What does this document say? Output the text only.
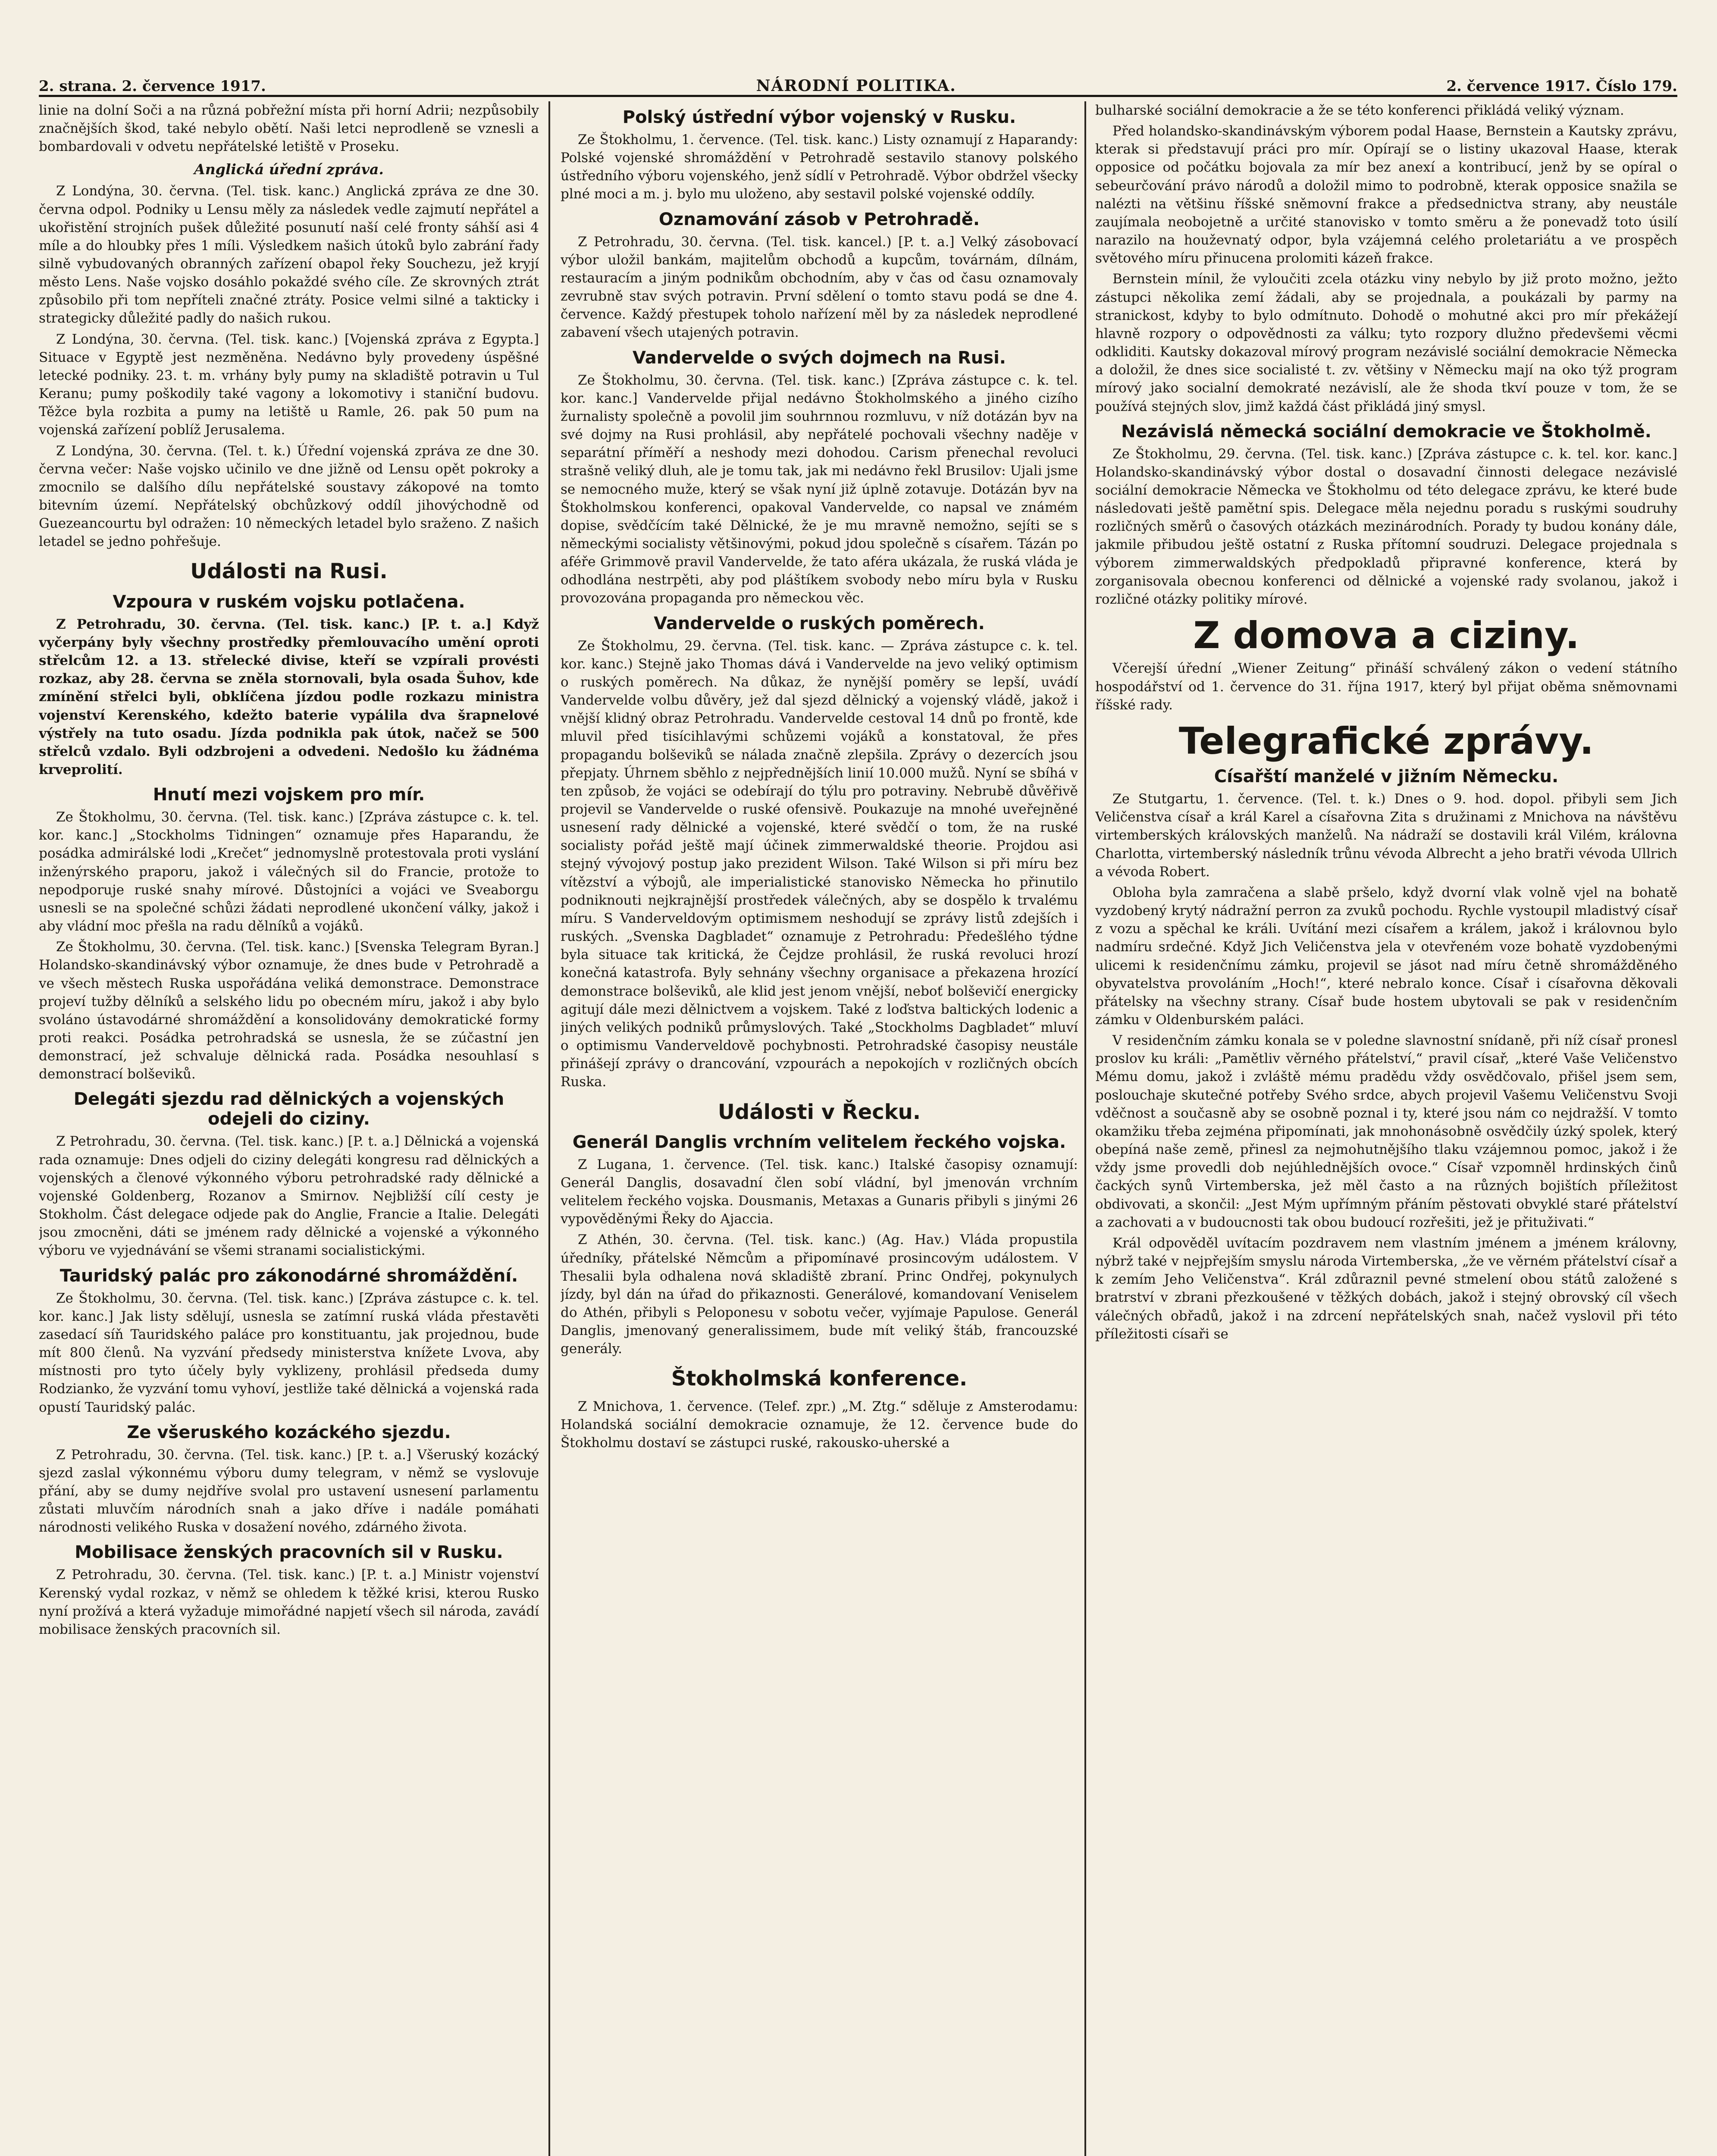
2. strana. 2. července 1917.	NÁRODNÍ POLITIKA.	2. července 1917. Číslo 179.

linie na dolní Soči a na různá pobřežní místa při horní Adrii; nezpůsobily značnějších škod, také nebylo obětí. Naši letci neprodleně se vznesli a bombardovali v odvetu nepřátelské letiště v Proseku.

Anglická úřední zpráva.

Z Londýna, 30. června. (Tel. tisk. kanc.) Anglická zpráva ze dne 30. června odpol. Podniky u Lensu měly za následek vedle zajmutí nepřátel a ukořistění strojních pušek důležité posunutí naší celé fronty sáhší asi 4 míle a do hloubky přes 1 míli. Výsledkem našich útoků bylo zabrání řady silně vybudovaných obranných zařízení obapol řeky Souchezu, jež kryjí město Lens. Naše vojsko dosáhlo pokaždé svého cíle. Ze skrovných ztrát způsobilo při tom nepříteli značné ztráty. Posice velmi silné a takticky i strategicky důležité padly do našich rukou.

Z Londýna, 30. června. (Tel. tisk. kanc.) [Vojenská zpráva z Egypta.] Situace v Egyptě jest nezměněna. Nedávno byly provedeny úspěšné letecké podniky. 23. t. m. vrhány byly pumy na skladiště potravin u Tul Keranu; pumy poškodily také vagony a lokomotivy i staniční budovu. Těžce byla rozbita a pumy na letiště u Ramle, 26. pak 50 pum na vojenská zařízení poblíž Jerusalema.

Z Londýna, 30. června. (Tel. t. k.) Úřední vojenská zpráva ze dne 30. června večer: Naše vojsko učinilo ve dne jižně od Lensu opět pokroky a zmocnilo se dalšího dílu nepřátelské soustavy zákopové na tomto bitevním území. Nepřátelský obchůzkový oddíl jihovýchodně od Guezeancourtu byl odražen: 10 německých letadel bylo sraženo. Z našich letadel se jedno pohřešuje.

Události na Rusi.
Vzpoura v ruském vojsku potlačena.

Z Petrohradu, 30. června. (Tel. tisk. kanc.) [P. t. a.] Když vyčerpány byly všechny prostředky přemlouvacího umění oproti střelcům 12. a 13. střelecké divise, kteří se vzpírali provésti rozkaz, aby 28. června se zněla stornovali, byla osada Šuhov, kde zmínění střelci byli, obklíčena jízdou podle rozkazu ministra vojenství Kerenského, kdežto baterie vypálila dva šrapnelové výstřely na tuto osadu. Jízda podnikla pak útok, načež se 500 střelců vzdalo. Byli odzbrojeni a odvedeni. Nedošlo ku žádnéma krveprolití.

Hnutí mezi vojskem pro mír.

Ze Štokholmu, 30. června. (Tel. tisk. kanc.) [Zpráva zástupce c. k. tel. kor. kanc.] „Stockholms Tidningen“ oznamuje přes Haparandu, že posádka admirálské lodi „Krečet“ jednomyslně protestovala proti vyslání inženýrského praporu, jakož i válečných sil do Francie, protože to nepodporuje ruské snahy mírové. Důstojníci a vojáci ve Sveaborgu usnesli se na společné schůzi žádati neprodlené ukončení války, jakož i aby vládní moc přešla na radu dělníků a vojáků.

Ze Štokholmu, 30. června. (Tel. tisk. kanc.) [Svenska Telegram Byran.] Holandsko-skandinávský výbor oznamuje, že dnes bude v Petrohradě a ve všech městech Ruska uspořádána veliká demonstrace. Demonstrace projeví tužby dělníků a selského lidu po obecném míru, jakož i aby bylo svoláno ústavodárné shromáždění a konsolidovány demokratické formy proti reakci. Posádka petrohradská se usnesla, že se zúčastní jen demonstrací, jež schvaluje dělnická rada. Posádka nesouhlasí s demonstrací bolševiků.

Delegáti sjezdu rad dělnických a vojenských odejeli do ciziny.

Z Petrohradu, 30. června. (Tel. tisk. kanc.) [P. t. a.] Dělnická a vojenská rada oznamuje: Dnes odjeli do ciziny delegáti kongresu rad dělnických a vojenských a členové výkonného výboru petrohradské rady dělnické a vojenské Goldenberg, Rozanov a Smirnov. Nejbližší cílí cesty je Stokholm. Část delegace odjede pak do Anglie, Francie a Italie. Delegáti jsou zmocněni, dáti se jménem rady dělnické a vojenské a výkonného výboru ve vyjednávání se všemi stranami socialistickými.

Tauridský palác pro zákonodárné shromáždění.

Ze Štokholmu, 30. června. (Tel. tisk. kanc.) [Zpráva zástupce c. k. tel. kor. kanc.] Jak listy sdělují, usnesla se zatímní ruská vláda přestavěti zasedací síň Tauridského paláce pro konstituantu, jak projednou, bude mít 800 členů. Na vyzvání předsedy ministerstva knížete Lvova, aby místnosti pro tyto účely byly vyklizeny, prohlásil předseda dumy Rodzianko, že vyzvání tomu vyhoví, jestliže také dělnická a vojenská rada opustí Tauridský palác.

Ze všeruského kozáckého sjezdu.

Z Petrohradu, 30. června. (Tel. tisk. kanc.) [P. t. a.] Všeruský kozácký sjezd zaslal výkonnému výboru dumy telegram, v němž se vyslovuje přání, aby se dumy nejdříve svolal pro ustavení usnesení parlamentu zůstati mluvčím národních snah a jako dříve i nadále pomáhati národnosti velikého Ruska v dosažení nového, zdárného života.

Mobilisace ženských pracovních sil v Rusku.

Z Petrohradu, 30. června. (Tel. tisk. kanc.) [P. t. a.] Ministr vojenství Kerenský vydal rozkaz, v němž se ohledem k těžké krisi, kterou Rusko nyní prožívá a která vyžaduje mimořádné napjetí všech sil národa, zavádí mobilisace ženských pracovních sil.

Polský ústřední výbor vojenský v Rusku.

Ze Štokholmu, 1. července. (Tel. tisk. kanc.) Listy oznamují z Haparandy: Polské vojenské shromáždění v Petrohradě sestavilo stanovy polského ústředního výboru vojenského, jenž sídlí v Petrohradě. Výbor obdržel všecky plné moci a m. j. bylo mu uloženo, aby sestavil polské vojenské oddíly.

Oznamování zásob v Petrohradě.

Z Petrohradu, 30. června. (Tel. tisk. kancel.) [P. t. a.] Velký zásobovací výbor uložil bankám, majitelům obchodů a kupcům, továrnám, dílnám, restauracím a jiným podnikům obchodním, aby v čas od času oznamovaly zevrubně stav svých potravin. První sdělení o tomto stavu podá se dne 4. července. Každý přestupek toholo nařízení měl by za následek neprodlené zabavení všech utajených potravin.

Vandervelde o svých dojmech na Rusi.

Ze Štokholmu, 30. června. (Tel. tisk. kanc.) [Zpráva zástupce c. k. tel. kor. kanc.] Vandervelde přijal nedávno Štokholmského a jiného cizího žurnalisty společně a povolil jim souhrnnou rozmluvu, v níž dotázán byv na své dojmy na Rusi prohlásil, aby nepřátelé pochovali všechny naděje v separátní příměří a neshody mezi dohodou. Carism přenechal revoluci strašně veliký dluh, ale je tomu tak, jak mi nedávno řekl Brusilov: Ujali jsme se nemocného muže, který se však nyní již úplně zotavuje. Dotázán byv na Štokholmskou konferenci, opakoval Vandervelde, co napsal ve známém dopise, svědčícím také Dělnické, že je mu mravně nemožno, sejíti se s německými socialisty většinovými, pokud jdou společně s císařem. Tázán po aféře Grimmově pravil Vandervelde, že tato aféra ukázala, že ruská vláda je odhodlána nestrpěti, aby pod pláštíkem svobody nebo míru byla v Rusku provozována propaganda pro německou věc.

Vandervelde o ruských poměrech.

Ze Štokholmu, 29. června. (Tel. tisk. kanc. — Zpráva zástupce c. k. tel. kor. kanc.) Stejně jako Thomas dává i Vandervelde na jevo veliký optimism o ruských poměrech. Na důkaz, že nynější poměry se lepší, uvádí Vandervelde volbu důvěry, jež dal sjezd dělnický a vojenský vládě, jakož i vnější klidný obraz Petrohradu. Vandervelde cestoval 14 dnů po frontě, kde mluvil před tisícihlavými schůzemi vojáků a konstatoval, že přes propagandu bolševiků se nálada značně zlepšila. Zprávy o dezercích jsou přepjaty. Úhrnem sběhlo z nejpřednějších linií 10.000 mužů. Nyní se sbíhá v ten způsob, že vojáci se odebírají do týlu pro potraviny. Nebrubě důvěřivě projevil se Vandervelde o ruské ofensivě. Poukazuje na mnohé uveřejněné usnesení rady dělnické a vojenské, které svědčí o tom, že na ruské socialisty pořád ještě mají účinek zimmerwaldské theorie. Projdou asi stejný vývojový postup jako prezident Wilson. Také Wilson si při míru bez vítězství a výbojů, ale imperialistické stanovisko Německa ho přinutilo podniknouti nejkrajnější prostředek válečných, aby se dospělo k trvalému míru. S Vanderveldovým optimismem neshodují se zprávy listů zdejších i ruských. „Svenska Dagbladet“ oznamuje z Petrohradu: Předešlého týdne byla situace tak kritická, že Čejdze prohlásil, že ruská revoluci hrozí konečná katastrofa. Byly sehnány všechny organisace a překazena hrozící demonstrace bolševiků, ale klid jest jenom vnější, neboť bolševičí energicky agitují dále mezi dělnictvem a vojskem. Také z loďstva baltických lodenic a jiných velikých podniků průmyslových. Také „Stockholms Dagbladet“ mluví o optimismu Vanderveldově pochybnosti. Petrohradské časopisy neustále přinášejí zprávy o drancování, vzpourách a nepokojích v rozličných obcích Ruska.

Události v Řecku.
Generál Danglis vrchním velitelem řeckého vojska.

Z Lugana, 1. července. (Tel. tisk. kanc.) Italské časopisy oznamují: Generál Danglis, dosavadní člen sobí vládní, byl jmenován vrchním velitelem řeckého vojska. Dousmanis, Metaxas a Gunaris přibyli s jinými 26 vypověděnými Řeky do Ajaccia.

Z Athén, 30. června. (Tel. tisk. kanc.) (Ag. Hav.) Vláda propustila úředníky, přátelské Němcům a připomínavé prosincovým událostem. V Thesalii byla odhalena nová skladiště zbraní. Princ Ondřej, pokynulych jízdy, byl dán na úřad do přikaznosti. Generálové, komandovaní Veniselem do Athén, přibyli s Peloponesu v sobotu večer, vyjímaje Papulose. Generál Danglis, jmenovaný generalissimem, bude mít veliký štáb, francouzské generály.

Štokholmská konference.

Z Mnichova, 1. července. (Telef. zpr.) „M. Ztg.“ sděluje z Amsterodamu: Holandská sociální demokracie oznamuje, že 12. července bude do Štokholmu dostaví se zástupci ruské, rakousko-uherské a

bulharské sociální demokracie a že se této konferenci přikládá veliký význam.

Před holandsko-skandinávským výborem podal Haase, Bernstein a Kautsky zprávu, kterak si představují práci pro mír. Opírají se o listiny ukazoval Haase, kterak opposice od počátku bojovala za mír bez anexí a kontribucí, jenž by se opíral o sebeurčování právo národů a doložil mimo to podrobně, kterak opposice snažila se nalézti na většinu říšské sněmovní frakce a předsednictva strany, aby neustále zaujímala neobojetně a určité stanovisko v tomto směru a že ponevadž toto úsilí narazilo na houževnatý odpor, byla vzájemná celého proletariátu a ve prospěch světového míru přinucena prolomiti kázeň frakce.

Bernstein mínil, že vyloučiti zcela otázku viny nebylo by již proto možno, ježto zástupci několika zemí žádali, aby se projednala, a poukázali by parmy na stranickost, kdyby to bylo odmítnuto. Dohodě o mohutné akci pro mír překážejí hlavně rozpory o odpovědnosti za válku; tyto rozpory dlužno předevšemi věcmi odkliditi. Kautsky dokazoval mírový program nezávislé sociální demokracie Německa a doložil, že dnes sice socialisté t. zv. většiny v Německu mají na oko týž program mírový jako socialní demokraté nezávislí, ale že shoda tkví pouze v tom, že se používá stejných slov, jimž každá část přikládá jiný smysl.

Nezávislá německá sociální demokracie ve Štokholmě.

Ze Štokholmu, 29. června. (Tel. tisk. kanc.) [Zpráva zástupce c. k. tel. kor. kanc.] Holandsko-skandinávský výbor dostal o dosavadní činnosti delegace nezávislé sociální demokracie Německa ve Štokholmu od této delegace zprávu, ke které bude následovati ještě pamětní spis. Delegace měla nejednu poradu s ruskými soudruhy rozličných směrů o časových otázkách mezinárodních. Porady ty budou konány dále, jakmile přibudou ještě ostatní z Ruska přítomní soudruzi. Delegace projednala s výborem zimmerwaldských předpokladů připravné konference, která by zorganisovala obecnou konferenci od dělnické a vojenské rady svolanou, jakož i rozličné otázky politiky mírové.

Z domova a ciziny.

Včerejší úřední „Wiener Zeitung“ přináší schválený zákon o vedení státního hospodářství od 1. července do 31. října 1917, který byl přijat oběma sněmovnami říšské rady.

Telegrafické zprávy.
Císařští manželé v jižním Německu.

Ze Stutgartu, 1. července. (Tel. t. k.) Dnes o 9. hod. dopol. přibyli sem Jich Veličenstva císař a král Karel a císařovna Zita s družinami z Mnichova na návštěvu virtemberských královských manželů. Na nádraží se dostavili král Vilém, královna Charlotta, virtemberský následník trůnu vévoda Albrecht a jeho bratři vévoda Ullrich a vévoda Robert.

Obloha byla zamračena a slabě pršelo, když dvorní vlak volně vjel na bohatě vyzdobený krytý nádražní perron za zvuků pochodu. Rychle vystoupil mladistvý císař z vozu a spěchal ke králi. Uvítání mezi císařem a králem, jakož i královnou bylo nadmíru srdečné. Když Jich Veličenstva jela v otevřeném voze bohatě vyzdobenými ulicemi k residenčnímu zámku, projevil se jásot nad míru četně shromážděného obyvatelstva provoláním „Hoch!“, které nebralo konce. Císař i císařovna děkovali přátelsky na všechny strany. Císař bude hostem ubytovali se pak v residenčním zámku v Oldenburském paláci.

V residenčním zámku konala se v poledne slavnostní snídaně, při níž císař pronesl proslov ku králi: „Pamětliv věrného přátelství,“ pravil císař, „které Vaše Veličenstvo Mému domu, jakož i zvláště mému pradědu vždy osvědčovalo, přišel jsem sem, poslouchaje skutečné potřeby Svého srdce, abych projevil Vašemu Veličenstvu Svoji vděčnost a současně aby se osobně poznal i ty, které jsou nám co nejdražší. V tomto okamžiku třeba zejména připomínati, jak mnohonásobně osvědčily úzký spolek, který obepíná naše země, přinesl za nejmohutnějšího tlaku vzájemnou pomoc, jakož i že vždy jsme provedli dob nejúhlednějších ovoce.“ Císař vzpomněl hrdinských činů čackých synů Virtemberska, jež měl často a na různých bojištích příležitost obdivovati, a skončil: „Jest Mým upřímným přáním pěstovati obvyklé staré přátelství a zachovati a v budoucnosti tak obou budoucí rozřešiti, jež je přituživati.“

Král odpověděl uvítacím pozdravem nem vlastním jménem a jménem královny, nýbrž také v nejpřejším smyslu národa Virtemberska, „že ve věrném přátelství císař a k zemím Jeho Veličenstva“. Král zdůraznil pevné stmelení obou států založené s bratrství v zbrani přezkoušené v těžkých dobách, jakož i stejný obrovský cíl všech válečných obřadů, jakož i na zdrcení nepřátelských snah, načež vyslovil při této příležitosti císaři se
